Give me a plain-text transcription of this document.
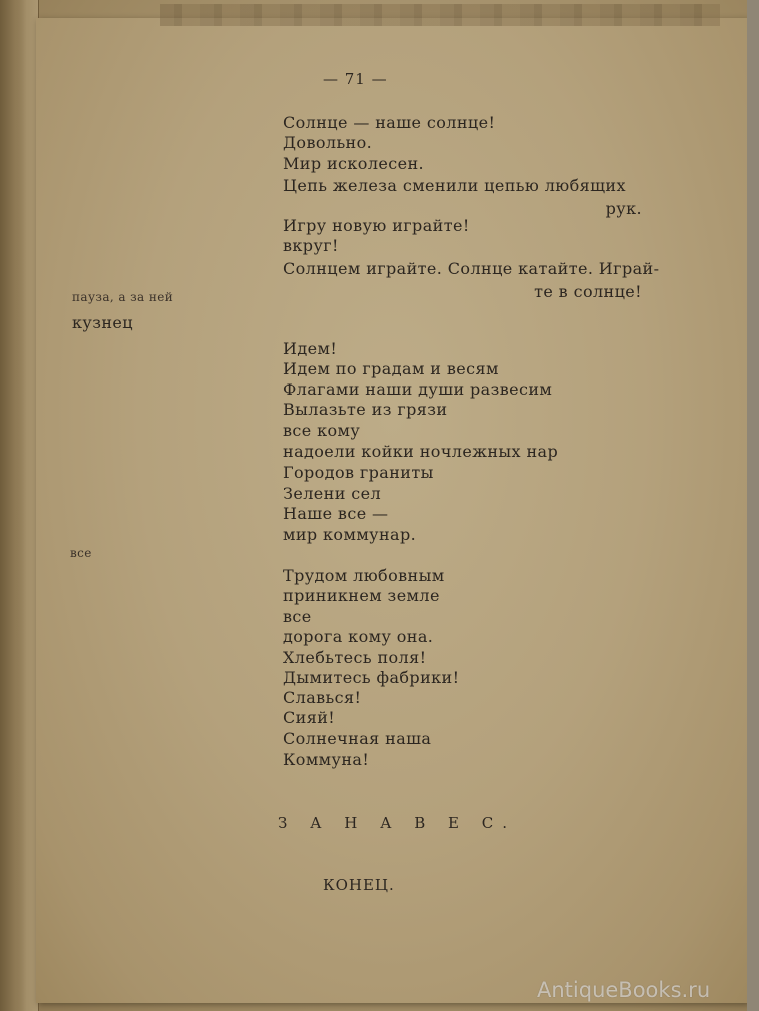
— 71 —
Солнце — наше солнце!
Довольно.
Мир исколесен.
Цепь железа сменили цепью любящих
рук.
Игру новую играйте!
вкруг!
Солнцем играйте. Солнце катайте. Играй-
те в солнце!
пауза, а за ней
кузнец
Идем!
Идем по градам и весям
Флагами наши души развесим
Вылазьте из грязи
все кому
надоели койки ночлежных нар
Городов граниты
Зелени сел
Наше все —
мир коммунар.
все
Трудом любовным
приникнем земле
все
дорога кому она.
Хлебьтесь поля!
Дымитесь фабрики!
Славься!
Сияй!
Солнечная наша
Коммуна!
З А Н А В Е С.
КОНЕЦ.
AntiqueBooks.ru
